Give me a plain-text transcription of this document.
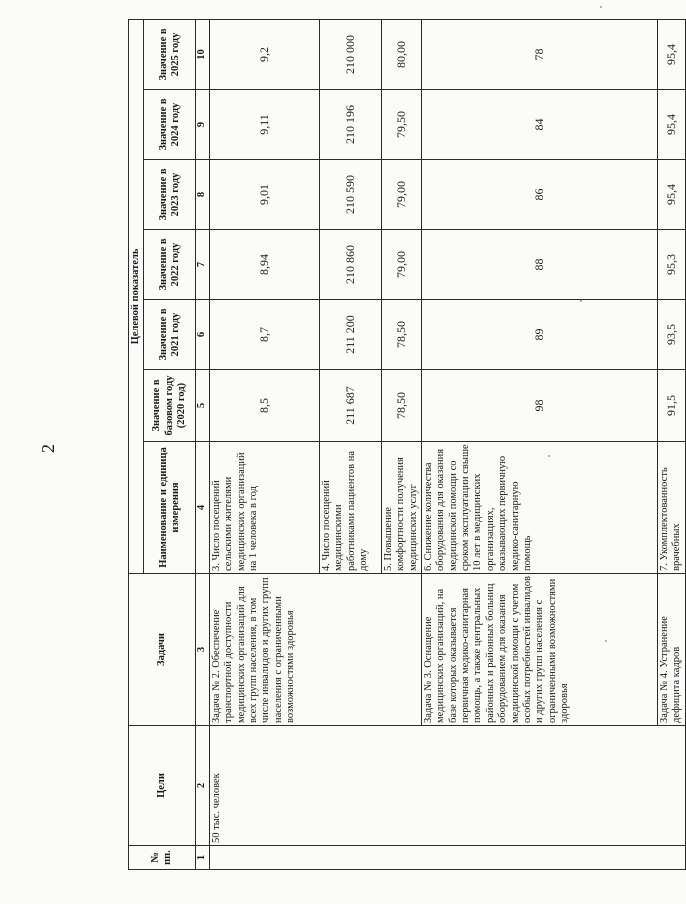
2
№ пп.	Цели	Задачи	Целевой показатель						
			Наименование и единица измерения	Значение в базовом году (2020 год)	Значение в 2021 году	Значение в 2022 году	Значение в 2023 году	Значение в 2024 году	Значение в 2025 году
1	2	3	4	5	6	7	8	9	10
	50 тыс. человек	Задача № 2. Обеспечение транспортной доступности медицинских организаций для всех групп населения, в том числе инвалидов и других групп населения с ограниченными возможностями здоровья	3. Число посещений сельскими жителями медицинских организаций на 1 человека в год	8,5	8,7	8,94	9,01	9,11	9,2
			4. Число посещений медицинскими работниками пациентов на дому	211 687	211 200	210 860	210 590	210 196	210 000
			5. Повышение комфортности получения медицинских услуг	78,50	78,50	79,00	79,00	79,50	80,00
		Задача № 3. Оснащение медицинских организаций, на базе которых оказывается первичная медико-санитарная помощь, а также центральных районных и районных больниц оборудованием для оказания медицинской помощи с учетом особых потребностей инвалидов и других групп населения с ограниченными возможностями здоровья	6. Снижение количества оборудования для оказания медицинской помощи со сроком эксплуатации свыше 10 лет в медицинских организациях, оказывающих первичную медико-санитарную помощь	98	89	88	86	84	78
		Задача № 4. Устранение дефицита кадров	7. Укомплектованность врачебных	91,5	93,5	95,3	95,4	95,4	95,4
